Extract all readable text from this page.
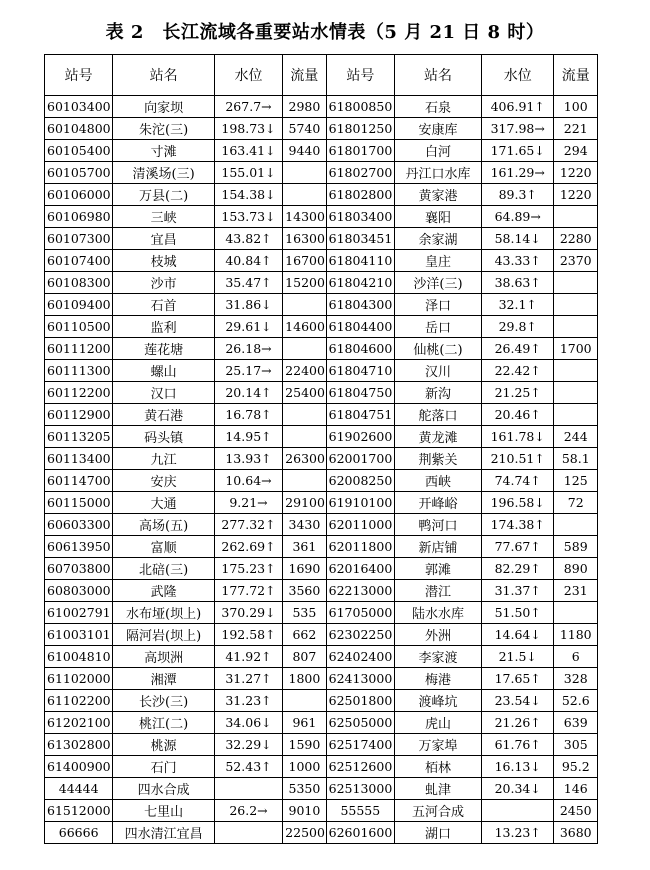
表 2　长江流域各重要站水情表（5 月 21 日 8 时）
站号	站名	水位	流量	站号	站名	水位	流量
60103400	向家坝	267.7→	2980	61800850	石泉	406.91↑	100
60104800	朱沱(三)	198.73↓	5740	61801250	安康库	317.98→	221
60105400	寸滩	163.41↓	9440	61801700	白河	171.65↓	294
60105700	清溪场(三)	155.01↓		61802700	丹江口水库	161.29→	1220
60106000	万县(二)	154.38↓		61802800	黄家港	89.3↑	1220
60106980	三峡	153.73↓	14300	61803400	襄阳	64.89→	
60107300	宜昌	43.82↑	16300	61803451	余家湖	58.14↓	2280
60107400	枝城	40.84↑	16700	61804110	皇庄	43.33↑	2370
60108300	沙市	35.47↑	15200	61804210	沙洋(三)	38.63↑	
60109400	石首	31.86↓		61804300	泽口	32.1↑	
60110500	监利	29.61↓	14600	61804400	岳口	29.8↑	
60111200	莲花塘	26.18→		61804600	仙桃(二)	26.49↑	1700
60111300	螺山	25.17→	22400	61804710	汉川	22.42↑	
60112200	汉口	20.14↑	25400	61804750	新沟	21.25↑	
60112900	黄石港	16.78↑		61804751	舵落口	20.46↑	
60113205	码头镇	14.95↑		61902600	黄龙滩	161.78↓	244
60113400	九江	13.93↑	26300	62001700	荆紫关	210.51↑	58.1
60114700	安庆	10.64→		62008250	西峡	74.74↑	125
60115000	大通	9.21→	29100	61910100	开峰峪	196.58↓	72
60603300	高场(五)	277.32↑	3430	62011000	鸭河口	174.38↑	
60613950	富顺	262.69↑	361	62011800	新店铺	77.67↑	589
60703800	北碚(三)	175.23↑	1690	62016400	郭滩	82.29↑	890
60803000	武隆	177.72↑	3560	62213000	潜江	31.37↑	231
61002791	水布垭(坝上)	370.29↓	535	61705000	陆水水库	51.50↑	
61003101	隔河岩(坝上)	192.58↑	662	62302250	外洲	14.64↓	1180
61004810	高坝洲	41.92↑	807	62402400	李家渡	21.5↓	6
61102000	湘潭	31.27↑	1800	62413000	梅港	17.65↑	328
61102200	长沙(三)	31.23↑		62501800	渡峰坑	23.54↓	52.6
61202100	桃江(二)	34.06↓	961	62505000	虎山	21.26↑	639
61302800	桃源	32.29↓	1590	62517400	万家埠	61.76↑	305
61400900	石门	52.43↑	1000	62512600	栢林	16.13↓	95.2
44444	四水合成		5350	62513000	虬津	20.34↓	146
61512000	七里山	26.2→	9010	55555	五河合成		2450
66666	四水清江宜昌		22500	62601600	湖口	13.23↑	3680
